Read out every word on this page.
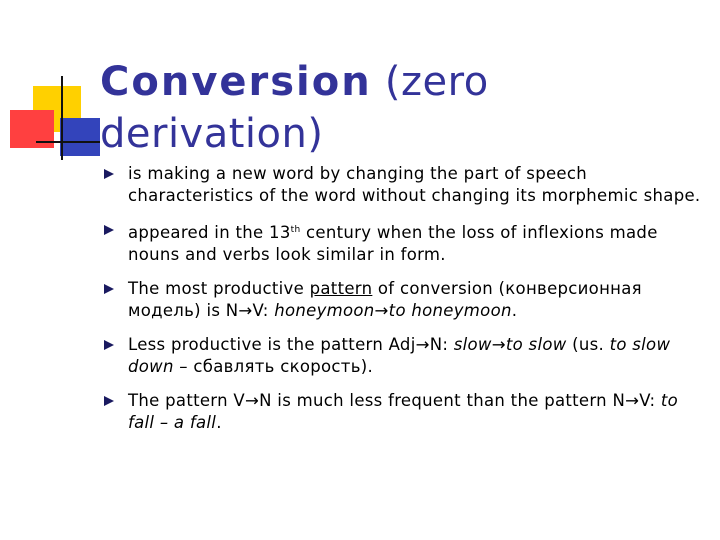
Conversion (zero derivation)
is making a new word by changing the part of speech characteristics of the word without changing its morphemic shape.
appeared in the 13th century when the loss of inflexions made nouns and verbs look similar in form.
The most productive pattern of conversion (конверсионная модель) is N→V: honeymoon→to honeymoon.
Less productive is the pattern Adj→N: slow→to slow (us. to slow down – сбавлять скорость).
The pattern V→N is much less frequent than the pattern N→V: to fall – a fall.
